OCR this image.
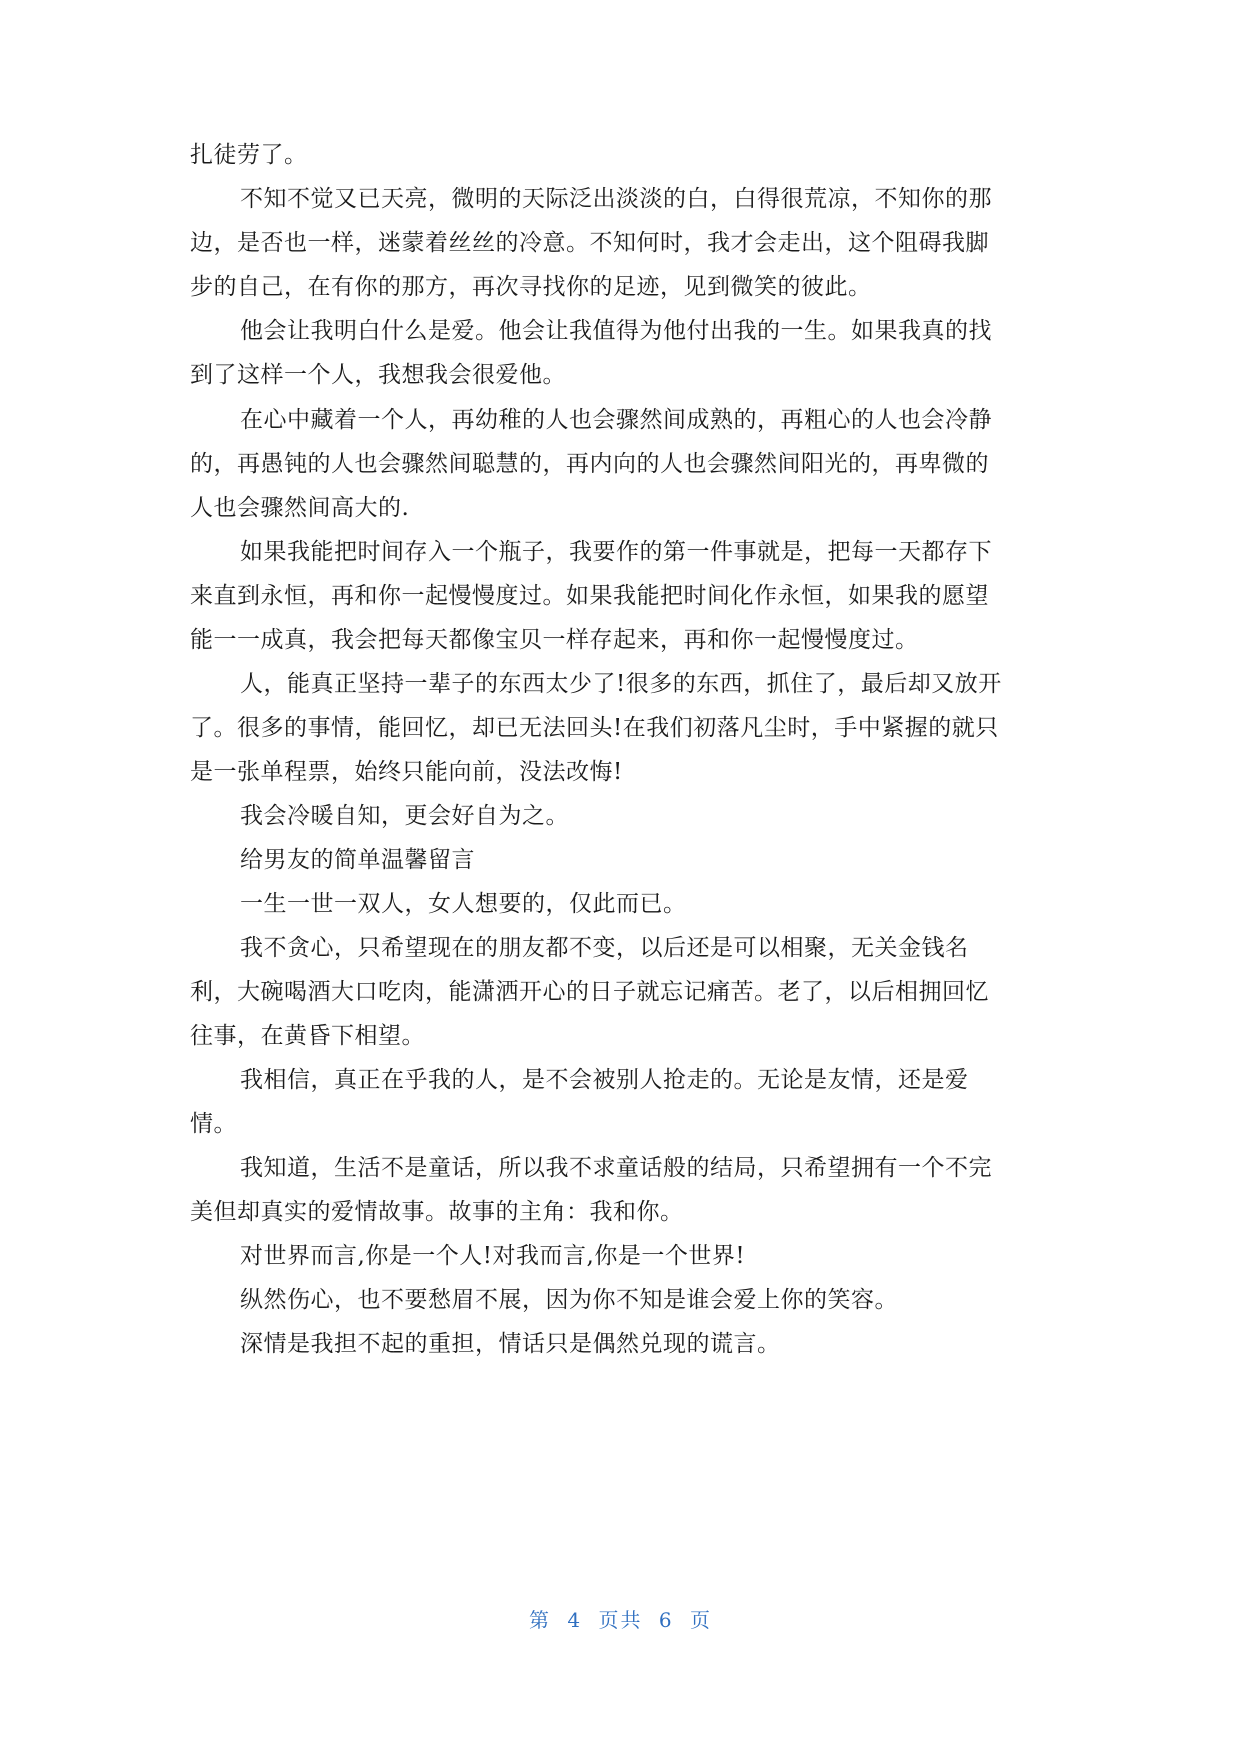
扎徒劳了。
不知不觉又已天亮，微明的天际泛出淡淡的白，白得很荒凉，不知你的那
边，是否也一样，迷蒙着丝丝的冷意。不知何时，我才会走出，这个阻碍我脚
步的自己，在有你的那方，再次寻找你的足迹，见到微笑的彼此。
他会让我明白什么是爱。他会让我值得为他付出我的一生。如果我真的找
到了这样一个人，我想我会很爱他。
在心中藏着一个人，再幼稚的人也会骤然间成熟的，再粗心的人也会冷静
的，再愚钝的人也会骤然间聪慧的，再内向的人也会骤然间阳光的，再卑微的
人也会骤然间高大的.
如果我能把时间存入一个瓶子，我要作的第一件事就是，把每一天都存下
来直到永恒，再和你一起慢慢度过。如果我能把时间化作永恒，如果我的愿望
能一一成真，我会把每天都像宝贝一样存起来，再和你一起慢慢度过。
人，能真正坚持一辈子的东西太少了!很多的东西，抓住了，最后却又放开
了。很多的事情，能回忆，却已无法回头!在我们初落凡尘时，手中紧握的就只
是一张单程票，始终只能向前，没法改悔!
我会冷暖自知，更会好自为之。
给男友的简单温馨留言
一生一世一双人，女人想要的，仅此而已。
我不贪心，只希望现在的朋友都不变，以后还是可以相聚，无关金钱名
利，大碗喝酒大口吃肉，能潇洒开心的日子就忘记痛苦。老了，以后相拥回忆
往事，在黄昏下相望。
我相信，真正在乎我的人，是不会被别人抢走的。无论是友情，还是爱
情。
我知道，生活不是童话，所以我不求童话般的结局，只希望拥有一个不完
美但却真实的爱情故事。故事的主角：我和你。
对世界而言,你是一个人!对我而言,你是一个世界!
纵然伤心，也不要愁眉不展，因为你不知是谁会爱上你的笑容。
深情是我担不起的重担，情话只是偶然兑现的谎言。
第 4 页共 6 页
